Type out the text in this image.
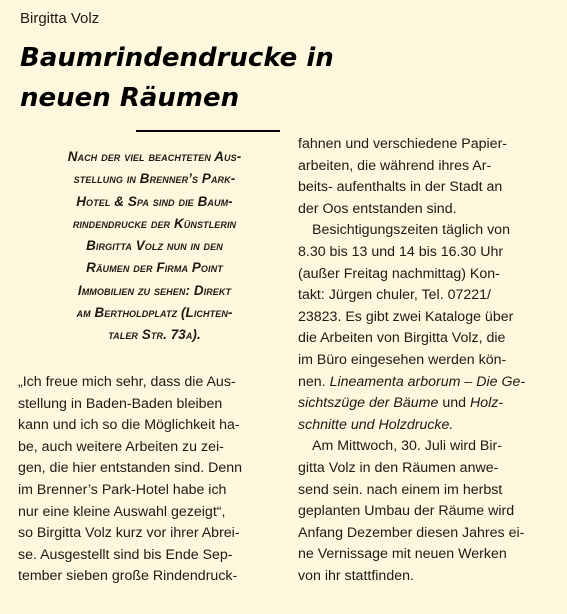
Birgitta Volz
Baumrindendrucke in
neuen Räumen
Nach der viel beachteten Aus-
stellung in Brenner’s Park-
Hotel & Spa sind die Baum-
rindendrucke der Künstlerin
Birgitta Volz nun in den
Räumen der Firma Point
Immobilien zu sehen: Direkt
am Bertholdplatz (Lichten-
taler Str. 73a).
„Ich freue mich sehr, dass die Aus-
stellung in Baden-Baden bleiben
kann und ich so die Möglichkeit ha-
be, auch weitere Arbeiten zu zei-
gen, die hier entstanden sind. Denn
im Brenner’s Park-Hotel habe ich
nur eine kleine Auswahl gezeigt“,
so Birgitta Volz kurz vor ihrer Abrei-
se. Ausgestellt sind bis Ende Sep-
tember sieben große Rindendruck-
fahnen und verschiedene Papier-
arbeiten, die während ihres Ar-
beits- aufenthalts in der Stadt an
der Oos entstanden sind.
Besichtigungszeiten täglich von
8.30 bis 13 und 14 bis 16.30 Uhr
(außer Freitag nachmittag) Kon-
takt: Jürgen chuler, Tel. 07221/
23823. Es gibt zwei Kataloge über
die Arbeiten von Birgitta Volz, die
im Büro eingesehen werden kön-
nen. Lineamenta arborum – Die Ge-
sichtszüge der Bäume und Holz-
schnitte und Holzdrucke.
Am Mittwoch, 30. Juli wird Bir-
gitta Volz in den Räumen anwe-
send sein. nach einem im herbst
geplanten Umbau der Räume wird
Anfang Dezember diesen Jahres ei-
ne Vernissage mit neuen Werken
von ihr stattfinden.
